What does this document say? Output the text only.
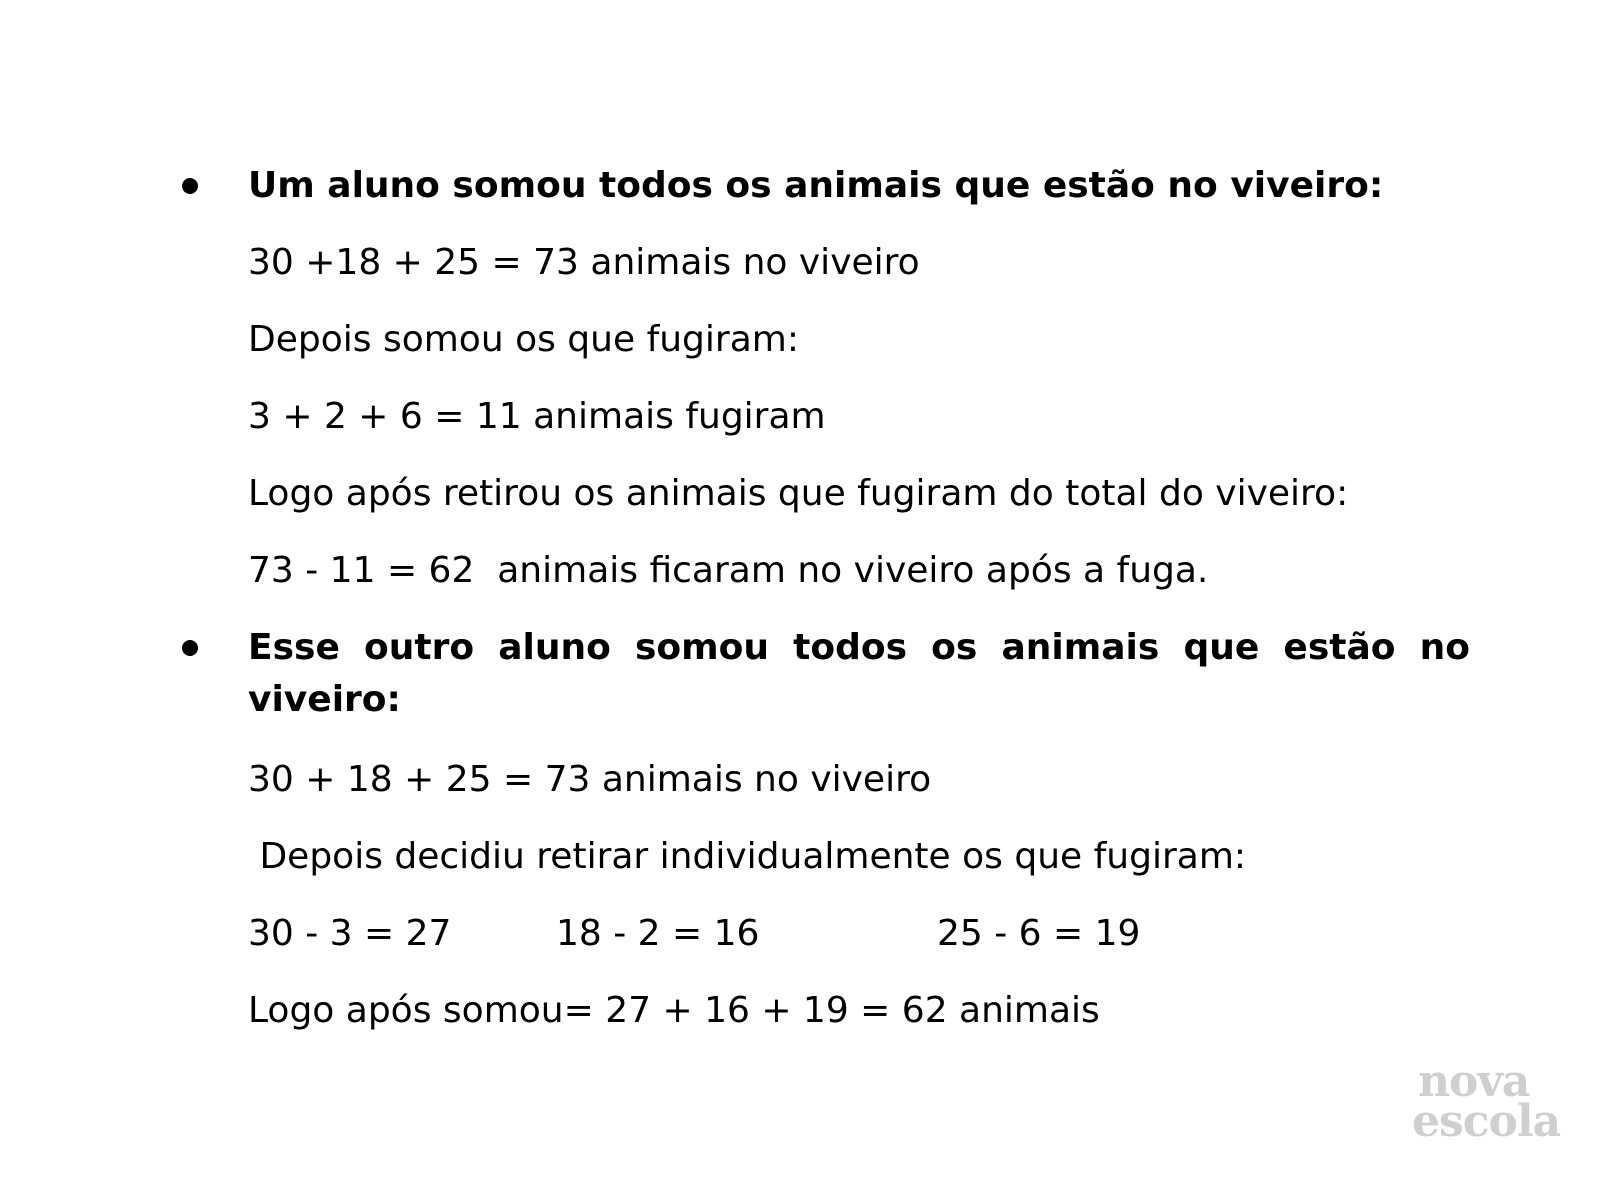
Um aluno somou todos os animais que estão no viveiro:

30 +18 + 25 = 73 animais no viveiro

Depois somou os que fugiram:

3 + 2 + 6 = 11 animais fugiram

Logo após retirou os animais que fugiram do total do viveiro:

73 - 11 = 62  animais ficaram no viveiro após a fuga.

Esse outro aluno somou todos os animais que estão no viveiro:

30 + 18 + 25 = 73 animais no viveiro

Depois decidiu retirar individualmente os que fugiram:

30 - 3 = 27	18 - 2 = 16	25 - 6 = 19

Logo após somou= 27 + 16 + 19 = 62 animais

nova
escola
